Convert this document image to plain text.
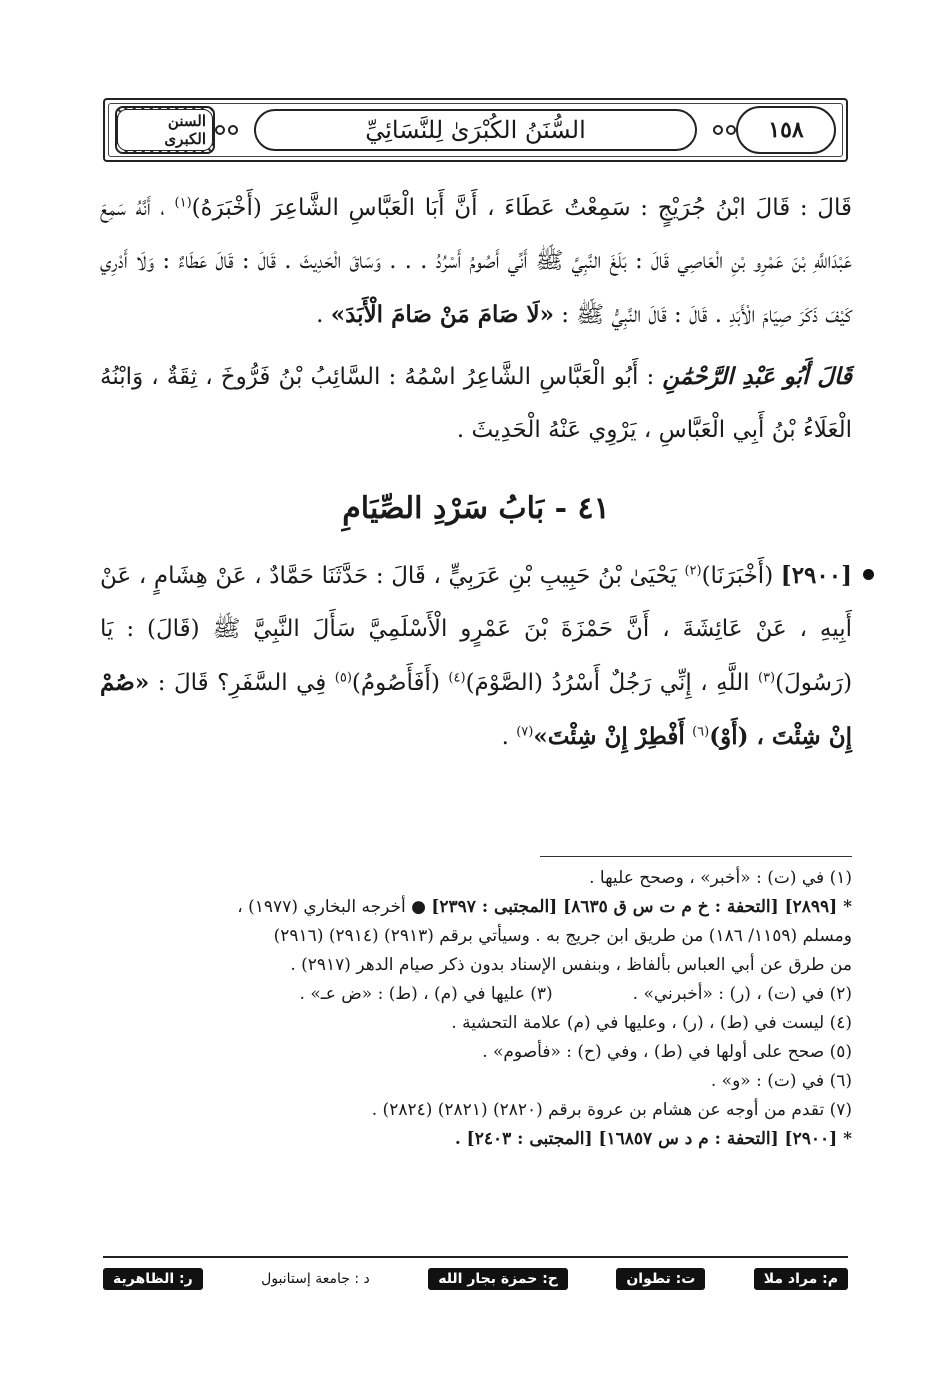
١٥٨
السُّنَنُ الكُبْرَىٰ لِلنَّسَائِيِّ
السنن الكبرى

قَالَ : قَالَ ابْنُ جُرَيْجٍ : سَمِعْتُ عَطَاءَ ، أَنَّ أَبَا الْعَبَّاسِ الشَّاعِرَ (أَخْبَرَهُ)$^{(١)}$ ، أَنَّهُ سَمِعَ عَبْدَاللَّهِ بْنَ عَمْرِو بْنِ الْعَاصِي قَالَ : بَلَغَ النَّبِيَّ ﷺ أَنِّي أَصُومُ أَسْرُدُ . . . وَسَاقَ الْحَدِيثَ . قَالَ : قَالَ عَطَاءٌ : وَلَا أَدْرِي كَيْفَ ذَكَرَ صِيَامَ الْأَبَدِ . قَالَ : قَالَ النَّبِيُّ ﷺ : «لَا صَامَ مَنْ صَامَ الْأَبَدَ» .

قَالَ أَبُو عَبْدِ الرَّحْمَٰنِ : أَبُو الْعَبَّاسِ الشَّاعِرُ اسْمُهُ : السَّائِبُ بْنُ فَرُّوخَ ، ثِقَةٌ ، وَابْنُهُ الْعَلَاءُ بْنُ أَبِي الْعَبَّاسِ ، يَرْوِي عَنْهُ الْحَدِيثَ .

٤١ - بَابُ سَرْدِ الصِّيَامِ

[٢٩٠٠] (أَخْبَرَنَا)$^{(٢)}$ يَحْيَىٰ بْنُ حَبِيبِ بْنِ عَرَبِيٍّ ، قَالَ : حَدَّثَنَا حَمَّادٌ ، عَنْ هِشَامٍ ، عَنْ أَبِيهِ ، عَنْ عَائِشَةَ ، أَنَّ حَمْزَةَ بْنَ عَمْرٍو الْأَسْلَمِيَّ سَأَلَ النَّبِيَّ ﷺ (قَالَ) : يَا (رَسُولَ)$^{(٣)}$ اللَّهِ ، إِنِّي رَجُلٌ أَسْرُدُ (الصَّوْمَ)$^{(٤)}$ (أَفَأَصُومُ)$^{(٥)}$ فِي السَّفَرِ؟ قَالَ : «صُمْ إِنْ شِئْتَ ، (أَوْ)$^{(٦)}$ أَفْطِرْ إِنْ شِئْتَ»$^{(٧)}$ .

(١) في (ت) : «أخبر» ، وصحح عليها .
* [٢٨٩٩] [التحفة : خ م ت س ق ٨٦٣٥] [المجتبى : ٢٣٩٧] ● أخرجه البخاري (١٩٧٧) ،
ومسلم (١١٥٩/ ١٨٦) من طريق ابن جريج به . وسيأتي برقم (٢٩١٣) (٢٩١٤) (٢٩١٦)
من طرق عن أبي العباس بألفاظ ، وبنفس الإسناد بدون ذكر صيام الدهر (٢٩١٧) .
(٢) في (ت) ، (ر) : «أخبرني» .
(٣) عليها في (م) ، (ط) : «ض عـ» .
(٤) ليست في (ط) ، (ر) ، وعليها في (م) علامة التحشية .
(٥) صحح على أولها في (ط) ، وفي (ح) : «فأصوم» .
(٦) في (ت) : «و» .
(٧) تقدم من أوجه عن هشام بن عروة برقم (٢٨٢٠) (٢٨٢١) (٢٨٢٤) .
* [٢٩٠٠] [التحفة : م د س ١٦٨٥٧] [المجتبى : ٢٤٠٣] .
م: مراد ملا
ت: تطوان
ح: حمزة بجار الله
د : جامعة إستانبول
ر: الظاهرية
